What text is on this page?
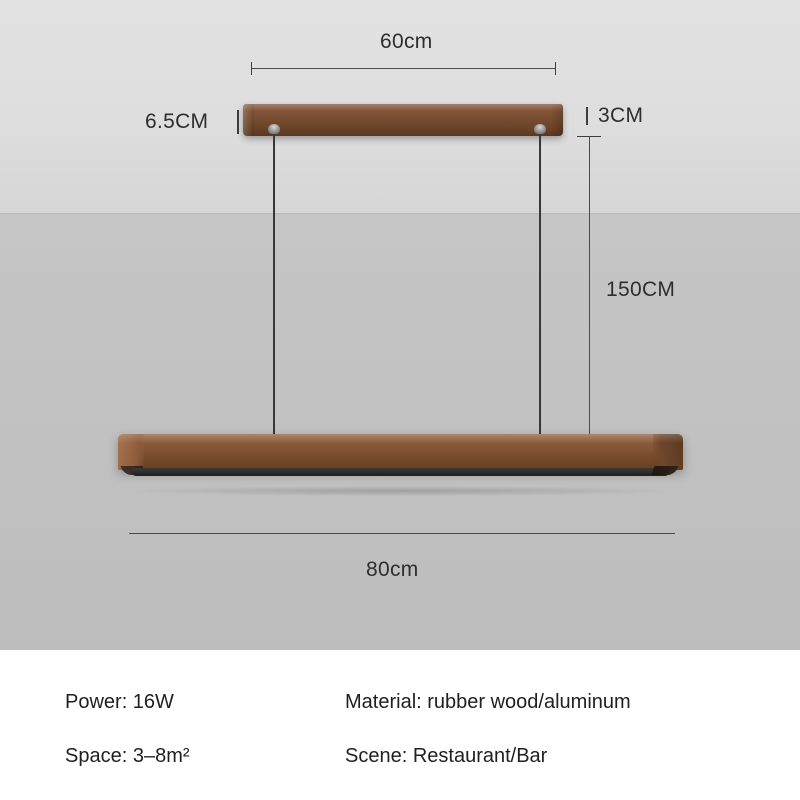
60cm
6.5CM	3CM
150CM
80cm
Power: 16W	Material: rubber wood/aluminum
Space: 3–8m²	Scene: Restaurant/Bar
